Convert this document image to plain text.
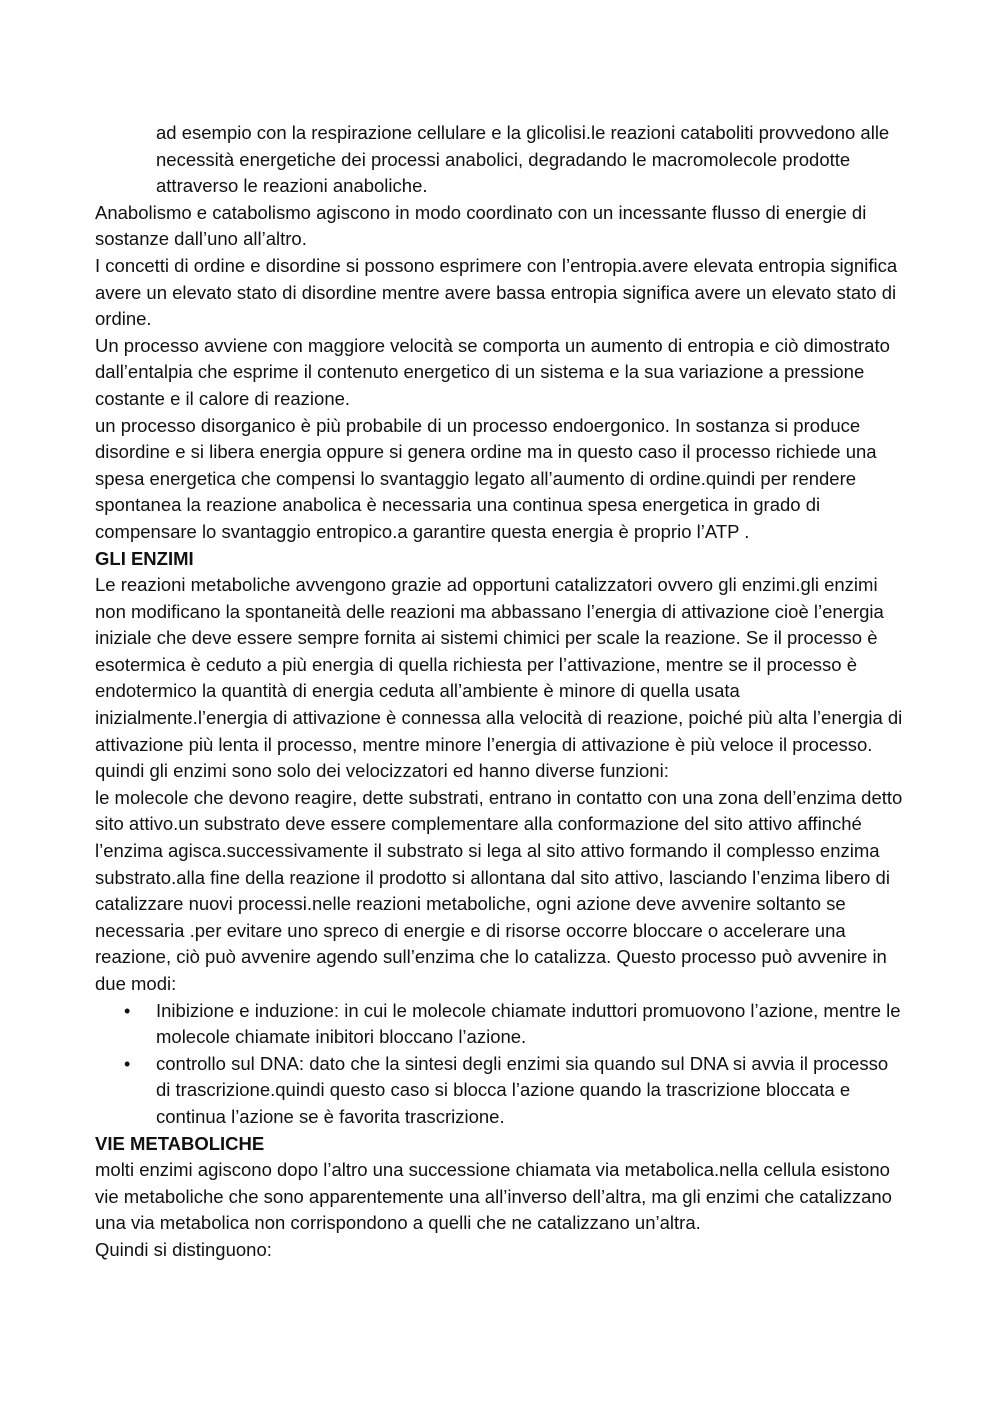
ad esempio con la respirazione cellulare e la glicolisi.le reazioni cataboliti provvedono alle necessità energetiche dei processi anabolici, degradando le macromolecole prodotte attraverso le reazioni anaboliche.

Anabolismo e catabolismo agiscono in modo coordinato con un incessante flusso di energie di sostanze dall’uno all’altro.

I concetti di ordine e disordine si possono esprimere con l’entropia.avere elevata entropia significa avere un elevato stato di disordine mentre avere bassa entropia significa avere un elevato stato di ordine.

Un processo avviene con maggiore velocità se comporta un aumento di entropia e ciò dimostrato dall’entalpia che esprime il contenuto energetico di un sistema e la sua variazione a pressione costante e il calore di reazione.

un processo disorganico è più probabile di un processo endoergonico. In sostanza si produce disordine e si libera energia oppure si genera ordine ma in questo caso il processo richiede una spesa energetica che compensi lo svantaggio legato all’aumento di ordine.quindi per rendere spontanea la reazione anabolica è necessaria una continua spesa energetica in grado di compensare lo svantaggio entropico.a garantire questa energia è proprio l’ATP .

GLI ENZIMI

Le reazioni metaboliche avvengono grazie ad opportuni catalizzatori ovvero gli enzimi.gli enzimi non modificano la spontaneità delle reazioni ma abbassano l’energia di attivazione cioè l’energia iniziale che deve essere sempre fornita ai sistemi chimici per scale la reazione. Se il processo è esotermica è ceduto a più energia di quella richiesta per l’attivazione, mentre se il processo è endotermico la quantità di energia ceduta all’ambiente è minore di quella usata inizialmente.l’energia di attivazione è connessa alla velocità di reazione, poiché più alta l’energia di attivazione più lenta il processo, mentre minore l’energia di attivazione è più veloce il processo. quindi gli enzimi sono solo dei velocizzatori ed hanno diverse funzioni:

le molecole che devono reagire, dette substrati, entrano in contatto con una zona dell’enzima detto sito attivo.un substrato deve essere complementare alla conformazione del sito attivo affinché l’enzima agisca.successivamente il substrato si lega al sito attivo formando il complesso enzima substrato.alla fine della reazione il prodotto si allontana dal sito attivo, lasciando l’enzima libero di catalizzare nuovi processi.nelle reazioni metaboliche, ogni azione deve avvenire soltanto se necessaria .per evitare uno spreco di energie e di risorse occorre bloccare o accelerare una reazione, ciò può avvenire agendo sull’enzima che lo catalizza. Questo processo può avvenire in due modi:

• Inibizione e induzione: in cui le molecole chiamate induttori promuovono l’azione, mentre le molecole chiamate inibitori bloccano l’azione.
• controllo sul DNA: dato che la sintesi degli enzimi sia quando sul DNA si avvia il processo di trascrizione.quindi questo caso si blocca l’azione quando la trascrizione bloccata e continua l’azione se è favorita trascrizione.
VIE METABOLICHE

molti enzimi agiscono dopo l’altro una successione chiamata via metabolica.nella cellula esistono vie metaboliche che sono apparentemente una all’inverso dell’altra, ma gli enzimi che catalizzano una via metabolica non corrispondono a quelli che ne catalizzano un’altra.

Quindi si distinguono:
